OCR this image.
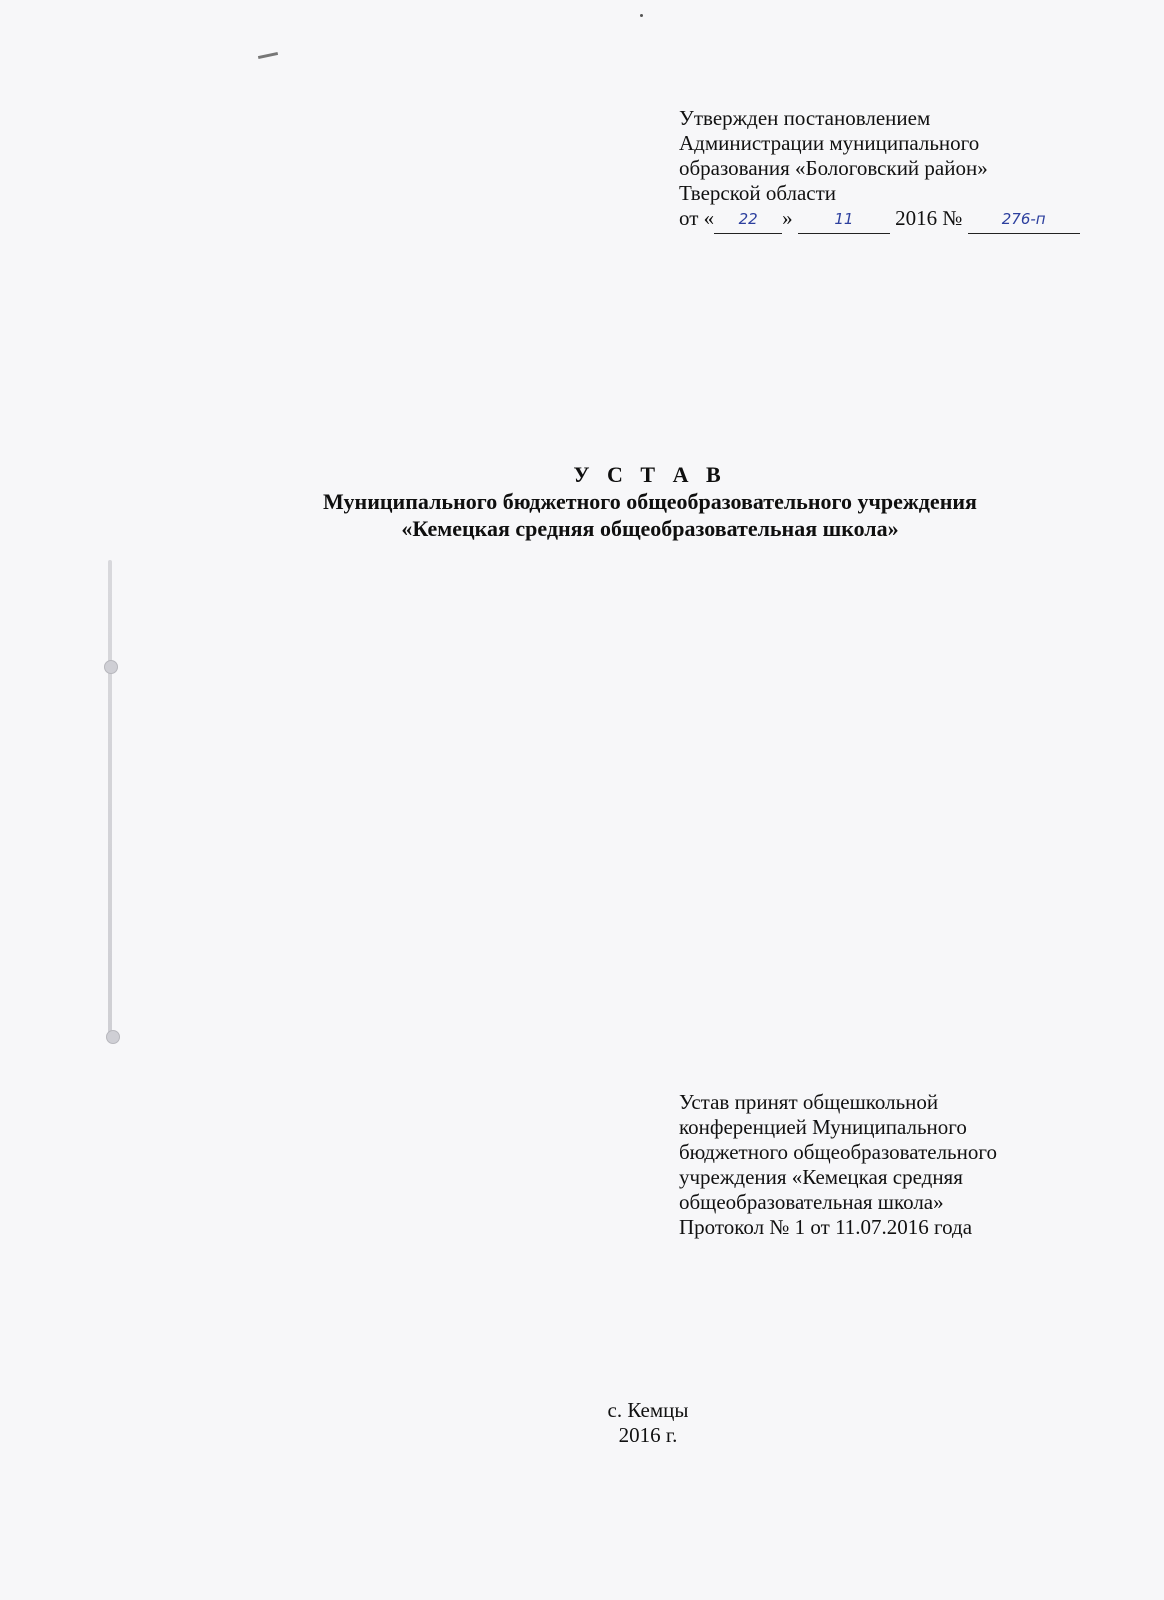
Утвержден постановлением
Администрации муниципального
образования «Бологовский район»
Тверской области
от « 22 »	11 2016 №	276-п
У С Т А В
Муниципального бюджетного общеобразовательного учреждения
«Кемецкая средняя общеобразовательная школа»
Устав принят общешкольной
конференцией Муниципального
бюджетного общеобразовательного
учреждения «Кемецкая средняя
общеобразовательная школа»
Протокол № 1 от 11.07.2016 года
с. Кемцы
2016 г.
